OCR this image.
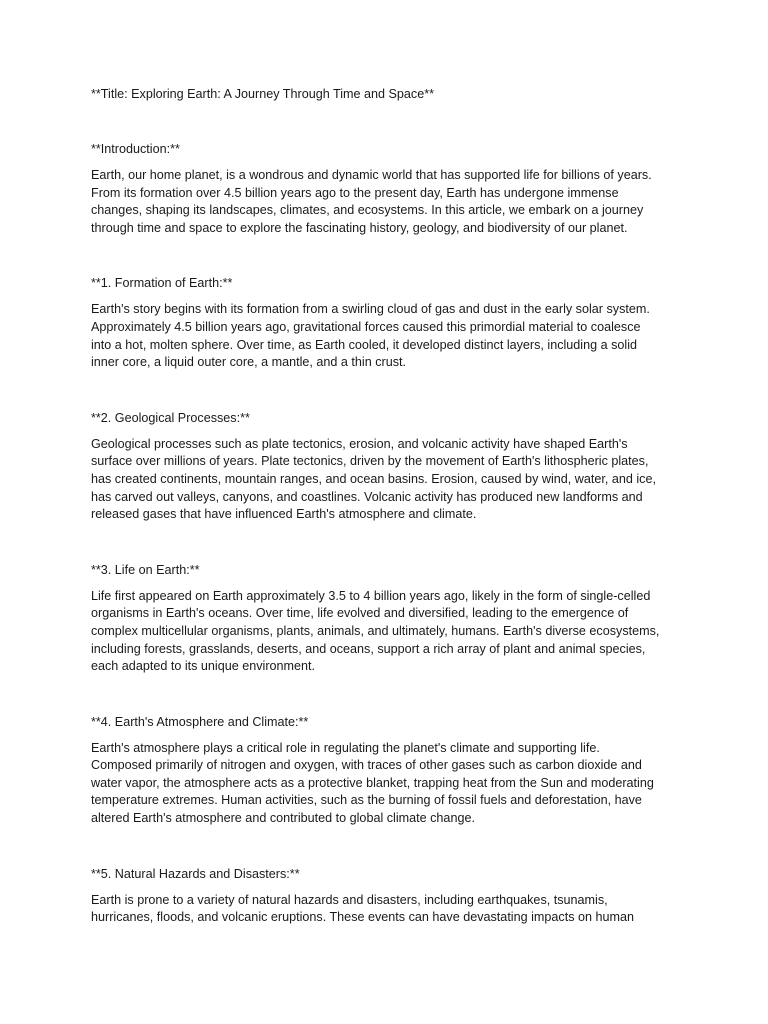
**Title: Exploring Earth: A Journey Through Time and Space**
**Introduction:**
Earth, our home planet, is a wondrous and dynamic world that has supported life for billions of years.
From its formation over 4.5 billion years ago to the present day, Earth has undergone immense
changes, shaping its landscapes, climates, and ecosystems. In this article, we embark on a journey
through time and space to explore the fascinating history, geology, and biodiversity of our planet.
**1. Formation of Earth:**
Earth's story begins with its formation from a swirling cloud of gas and dust in the early solar system.
Approximately 4.5 billion years ago, gravitational forces caused this primordial material to coalesce
into a hot, molten sphere. Over time, as Earth cooled, it developed distinct layers, including a solid
inner core, a liquid outer core, a mantle, and a thin crust.
**2. Geological Processes:**
Geological processes such as plate tectonics, erosion, and volcanic activity have shaped Earth's
surface over millions of years. Plate tectonics, driven by the movement of Earth's lithospheric plates,
has created continents, mountain ranges, and ocean basins. Erosion, caused by wind, water, and ice,
has carved out valleys, canyons, and coastlines. Volcanic activity has produced new landforms and
released gases that have influenced Earth's atmosphere and climate.
**3. Life on Earth:**
Life first appeared on Earth approximately 3.5 to 4 billion years ago, likely in the form of single-celled
organisms in Earth's oceans. Over time, life evolved and diversified, leading to the emergence of
complex multicellular organisms, plants, animals, and ultimately, humans. Earth's diverse ecosystems,
including forests, grasslands, deserts, and oceans, support a rich array of plant and animal species,
each adapted to its unique environment.
**4. Earth's Atmosphere and Climate:**
Earth's atmosphere plays a critical role in regulating the planet's climate and supporting life.
Composed primarily of nitrogen and oxygen, with traces of other gases such as carbon dioxide and
water vapor, the atmosphere acts as a protective blanket, trapping heat from the Sun and moderating
temperature extremes. Human activities, such as the burning of fossil fuels and deforestation, have
altered Earth's atmosphere and contributed to global climate change.
**5. Natural Hazards and Disasters:**
Earth is prone to a variety of natural hazards and disasters, including earthquakes, tsunamis,
hurricanes, floods, and volcanic eruptions. These events can have devastating impacts on human
